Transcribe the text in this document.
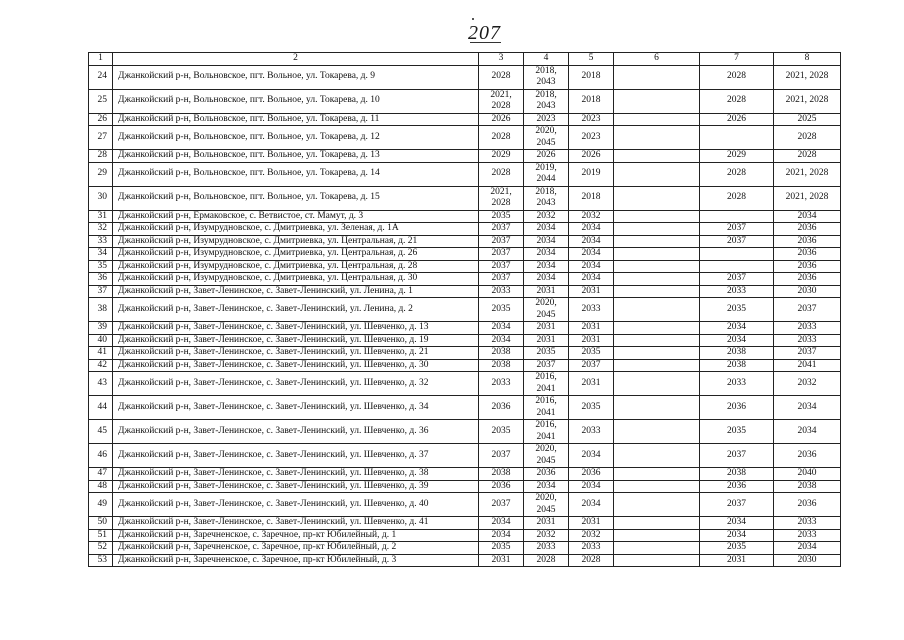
207
1	2	3	4	5	6	7	8
24	Джанкойский р-н, Вольновское, пгт. Вольное, ул. Токарева, д. 9	2028	2018, 2043	2018		2028	2021, 2028
25	Джанкойский р-н, Вольновское, пгт. Вольное, ул. Токарева, д. 10	2021, 2028	2018, 2043	2018		2028	2021, 2028
26	Джанкойский р-н, Вольновское, пгт. Вольное, ул. Токарева, д. 11	2026	2023	2023		2026	2025
27	Джанкойский р-н, Вольновское, пгт. Вольное, ул. Токарева, д. 12	2028	2020, 2045	2023			2028
28	Джанкойский р-н, Вольновское, пгт. Вольное, ул. Токарева, д. 13	2029	2026	2026		2029	2028
29	Джанкойский р-н, Вольновское, пгт. Вольное, ул. Токарева, д. 14	2028	2019, 2044	2019		2028	2021, 2028
30	Джанкойский р-н, Вольновское, пгт. Вольное, ул. Токарева, д. 15	2021, 2028	2018, 2043	2018		2028	2021, 2028
31	Джанкойский р-н, Ермаковское, с. Ветвистое, ст. Мамут, д. 3	2035	2032	2032			2034
32	Джанкойский р-н, Изумрудновское, с. Дмитриевка, ул. Зеленая, д. 1А	2037	2034	2034		2037	2036
33	Джанкойский р-н, Изумрудновское, с. Дмитриевка, ул. Центральная, д. 21	2037	2034	2034		2037	2036
34	Джанкойский р-н, Изумрудновское, с. Дмитриевка, ул. Центральная, д. 26	2037	2034	2034			2036
35	Джанкойский р-н, Изумрудновское, с. Дмитриевка, ул. Центральная, д. 28	2037	2034	2034			2036
36	Джанкойский р-н, Изумрудновское, с. Дмитриевка, ул. Центральная, д. 30	2037	2034	2034		2037	2036
37	Джанкойский р-н, Завет-Ленинское, с. Завет-Ленинский, ул. Ленина, д. 1	2033	2031	2031		2033	2030
38	Джанкойский р-н, Завет-Ленинское, с. Завет-Ленинский, ул. Ленина, д. 2	2035	2020, 2045	2033		2035	2037
39	Джанкойский р-н, Завет-Ленинское, с. Завет-Ленинский, ул. Шевченко, д. 13	2034	2031	2031		2034	2033
40	Джанкойский р-н, Завет-Ленинское, с. Завет-Ленинский, ул. Шевченко, д. 19	2034	2031	2031		2034	2033
41	Джанкойский р-н, Завет-Ленинское, с. Завет-Ленинский, ул. Шевченко, д. 21	2038	2035	2035		2038	2037
42	Джанкойский р-н, Завет-Ленинское, с. Завет-Ленинский, ул. Шевченко, д. 30	2038	2037	2037		2038	2041
43	Джанкойский р-н, Завет-Ленинское, с. Завет-Ленинский, ул. Шевченко, д. 32	2033	2016, 2041	2031		2033	2032
44	Джанкойский р-н, Завет-Ленинское, с. Завет-Ленинский, ул. Шевченко, д. 34	2036	2016, 2041	2035		2036	2034
45	Джанкойский р-н, Завет-Ленинское, с. Завет-Ленинский, ул. Шевченко, д. 36	2035	2016, 2041	2033		2035	2034
46	Джанкойский р-н, Завет-Ленинское, с. Завет-Ленинский, ул. Шевченко, д. 37	2037	2020, 2045	2034		2037	2036
47	Джанкойский р-н, Завет-Ленинское, с. Завет-Ленинский, ул. Шевченко, д. 38	2038	2036	2036		2038	2040
48	Джанкойский р-н, Завет-Ленинское, с. Завет-Ленинский, ул. Шевченко, д. 39	2036	2034	2034		2036	2038
49	Джанкойский р-н, Завет-Ленинское, с. Завет-Ленинский, ул. Шевченко, д. 40	2037	2020, 2045	2034		2037	2036
50	Джанкойский р-н, Завет-Ленинское, с. Завет-Ленинский, ул. Шевченко, д. 41	2034	2031	2031		2034	2033
51	Джанкойский р-н, Заречненское, с. Заречное, пр-кт Юбилейный, д. 1	2034	2032	2032		2034	2033
52	Джанкойский р-н, Заречненское, с. Заречное, пр-кт Юбилейный, д. 2	2035	2033	2033		2035	2034
53	Джанкойский р-н, Заречненское, с. Заречное, пр-кт Юбилейный, д. 3	2031	2028	2028		2031	2030
